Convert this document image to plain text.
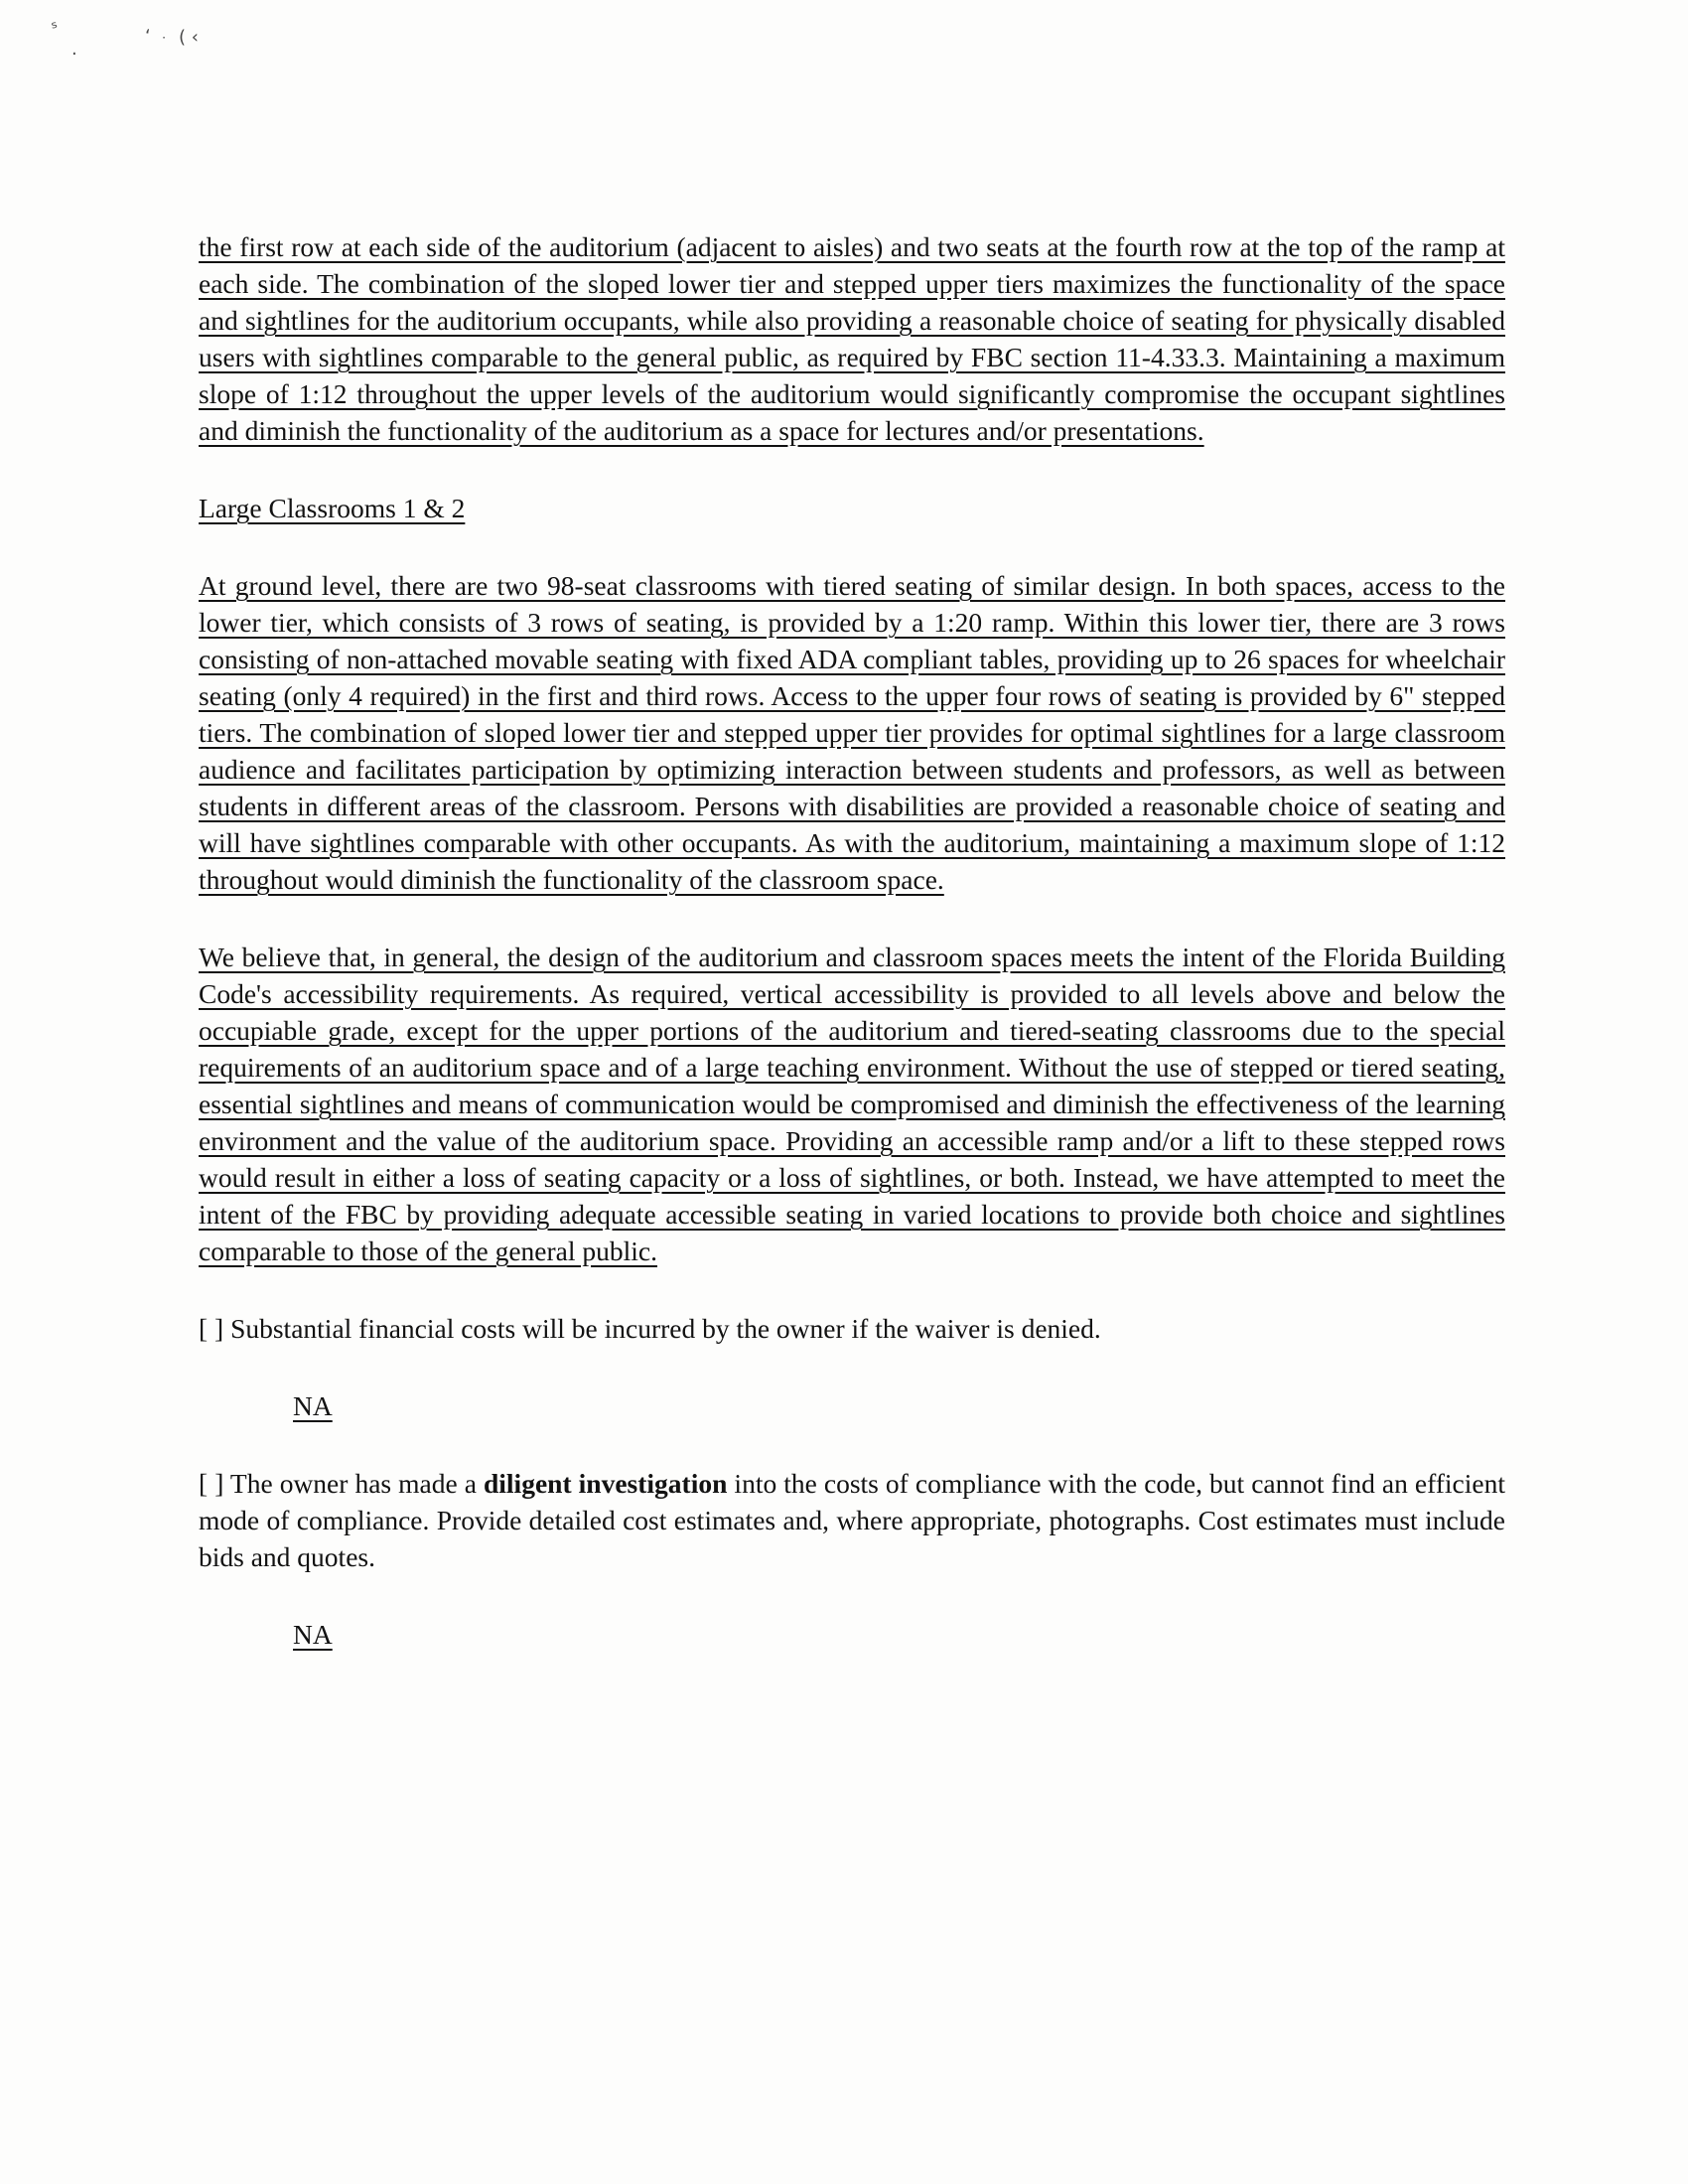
ˢ
·
ʻ ᐧ ( ‹

the first row at each side of the auditorium (adjacent to aisles) and two seats at the fourth row at the top of the ramp at each side. The combination of the sloped lower tier and stepped upper tiers maximizes the functionality of the space and sightlines for the auditorium occupants, while also providing a reasonable choice of seating for physically disabled users with sightlines comparable to the general public, as required by FBC section 11-4.33.3. Maintaining a maximum slope of 1:12 throughout the upper levels of the auditorium would significantly compromise the occupant sightlines and diminish the functionality of the auditorium as a space for lectures and/or presentations.

Large Classrooms 1 & 2

At ground level, there are two 98-seat classrooms with tiered seating of similar design. In both spaces, access to the lower tier, which consists of 3 rows of seating, is provided by a 1:20 ramp. Within this lower tier, there are 3 rows consisting of non-attached movable seating with fixed ADA compliant tables, providing up to 26 spaces for wheelchair seating (only 4 required) in the first and third rows. Access to the upper four rows of seating is provided by 6" stepped tiers. The combination of sloped lower tier and stepped upper tier provides for optimal sightlines for a large classroom audience and facilitates participation by optimizing interaction between students and professors, as well as between students in different areas of the classroom. Persons with disabilities are provided a reasonable choice of seating and will have sightlines comparable with other occupants. As with the auditorium, maintaining a maximum slope of 1:12 throughout would diminish the functionality of the classroom space.

We believe that, in general, the design of the auditorium and classroom spaces meets the intent of the Florida Building Code's accessibility requirements. As required, vertical accessibility is provided to all levels above and below the occupiable grade, except for the upper portions of the auditorium and tiered-seating classrooms due to the special requirements of an auditorium space and of a large teaching environment. Without the use of stepped or tiered seating, essential sightlines and means of communication would be compromised and diminish the effectiveness of the learning environment and the value of the auditorium space. Providing an accessible ramp and/or a lift to these stepped rows would result in either a loss of seating capacity or a loss of sightlines, or both. Instead, we have attempted to meet the intent of the FBC by providing adequate accessible seating in varied locations to provide both choice and sightlines comparable to those of the general public.

[ ] Substantial financial costs will be incurred by the owner if the waiver is denied.

NA

[ ] The owner has made a diligent investigation into the costs of compliance with the code, but cannot find an efficient mode of compliance. Provide detailed cost estimates and, where appropriate, photographs. Cost estimates must include bids and quotes.

NA
